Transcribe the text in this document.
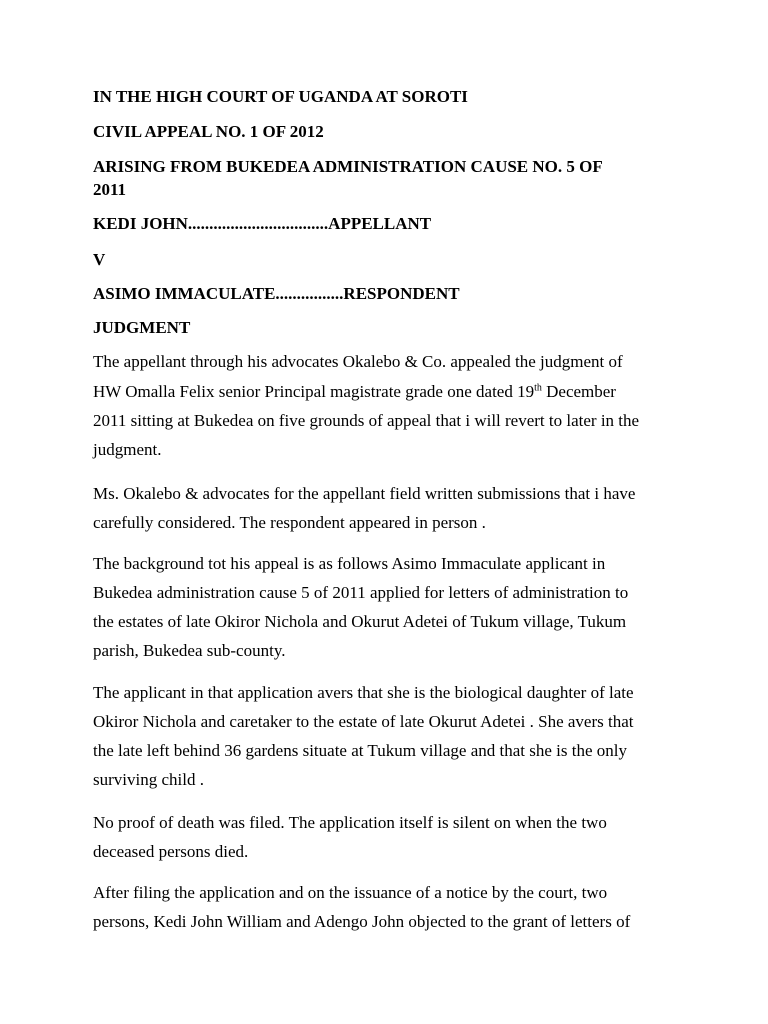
IN THE HIGH COURT OF UGANDA AT SOROTI
CIVIL APPEAL NO. 1 OF 2012
ARISING FROM BUKEDEA ADMINISTRATION CAUSE NO. 5 OF
2011
KEDI JOHN.................................APPELLANT
V
ASIMO IMMACULATE................RESPONDENT
JUDGMENT
The appellant through his advocates Okalebo & Co. appealed the judgment of
HW Omalla Felix senior Principal magistrate grade one dated 19th December
2011 sitting at Bukedea on five grounds of appeal that i will revert to later in the
judgment.
Ms. Okalebo & advocates for the appellant field written submissions that i have
carefully considered. The respondent appeared in person .
The background tot his appeal is as follows Asimo Immaculate applicant in
Bukedea administration cause 5 of 2011 applied for letters of administration to
the estates of late Okiror Nichola and Okurut Adetei of Tukum village, Tukum
parish, Bukedea sub-county.
The applicant in that application avers that she is the biological daughter of late
Okiror Nichola and caretaker to the estate of late Okurut Adetei . She avers that
the late left behind 36 gardens situate at Tukum village and that she is the only
surviving child .
No proof of death was filed. The application itself is silent on when the two
deceased persons died.
After filing the application and on the issuance of a notice by the court, two
persons, Kedi John William and Adengo John objected to the grant of letters of
